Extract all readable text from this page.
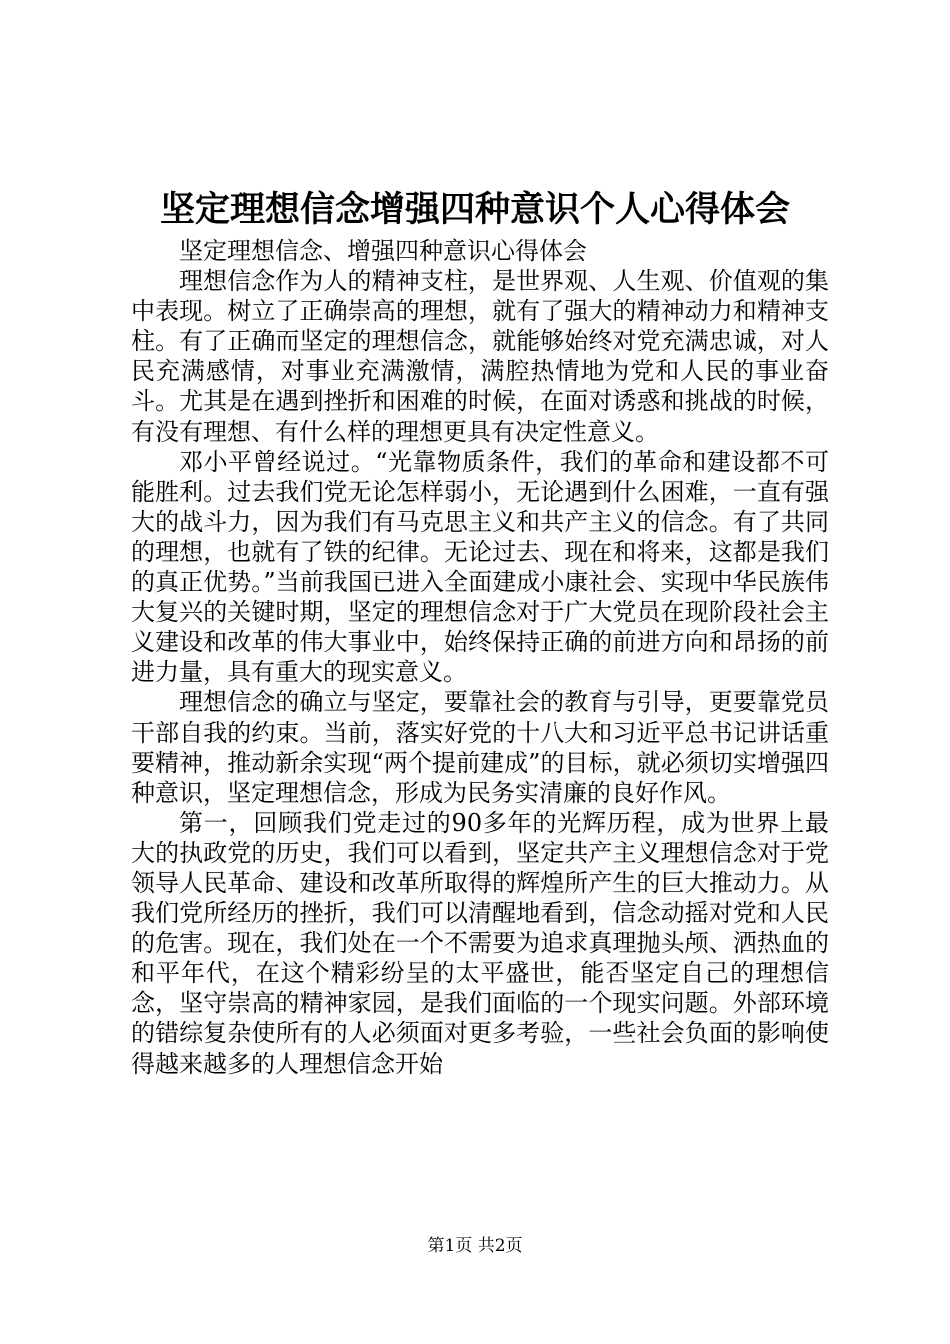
坚定理想信念增强四种意识个人心得体会

坚定理想信念、增强四种意识心得体会

理想信念作为人的精神支柱，是世界观、人生观、价值观的集中表现。树立了正确崇高的理想，就有了强大的精神动力和精神支柱。有了正确而坚定的理想信念，就能够始终对党充满忠诚，对人民充满感情，对事业充满激情，满腔热情地为党和人民的事业奋斗。尤其是在遇到挫折和困难的时候，在面对诱惑和挑战的时候，有没有理想、有什么样的理想更具有决定性意义。

邓小平曾经说过。“光靠物质条件，我们的革命和建设都不可能胜利。过去我们党无论怎样弱小，无论遇到什么困难，一直有强大的战斗力，因为我们有马克思主义和共产主义的信念。有了共同的理想，也就有了铁的纪律。无论过去、现在和将来，这都是我们的真正优势。”当前我国已进入全面建成小康社会、实现中华民族伟大复兴的关键时期，坚定的理想信念对于广大党员在现阶段社会主义建设和改革的伟大事业中，始终保持正确的前进方向和昂扬的前进力量，具有重大的现实意义。

理想信念的确立与坚定，要靠社会的教育与引导，更要靠党员干部自我的约束。当前，落实好党的十八大和习近平总书记讲话重要精神，推动新余实现“两个提前建成”的目标，就必须切实增强四种意识，坚定理想信念，形成为民务实清廉的良好作风。

第一，回顾我们党走过的90多年的光辉历程，成为世界上最大的执政党的历史，我们可以看到，坚定共产主义理想信念对于党领导人民革命、建设和改革所取得的辉煌所产生的巨大推动力。从我们党所经历的挫折，我们可以清醒地看到，信念动摇对党和人民的危害。现在，我们处在一个不需要为追求真理抛头颅、洒热血的和平年代，在这个精彩纷呈的太平盛世，能否坚定自己的理想信念，坚守崇高的精神家园，是我们面临的一个现实问题。外部环境的错综复杂使所有的人必须面对更多考验，一些社会负面的影响使得越来越多的人理想信念开始

第1页 共2页
